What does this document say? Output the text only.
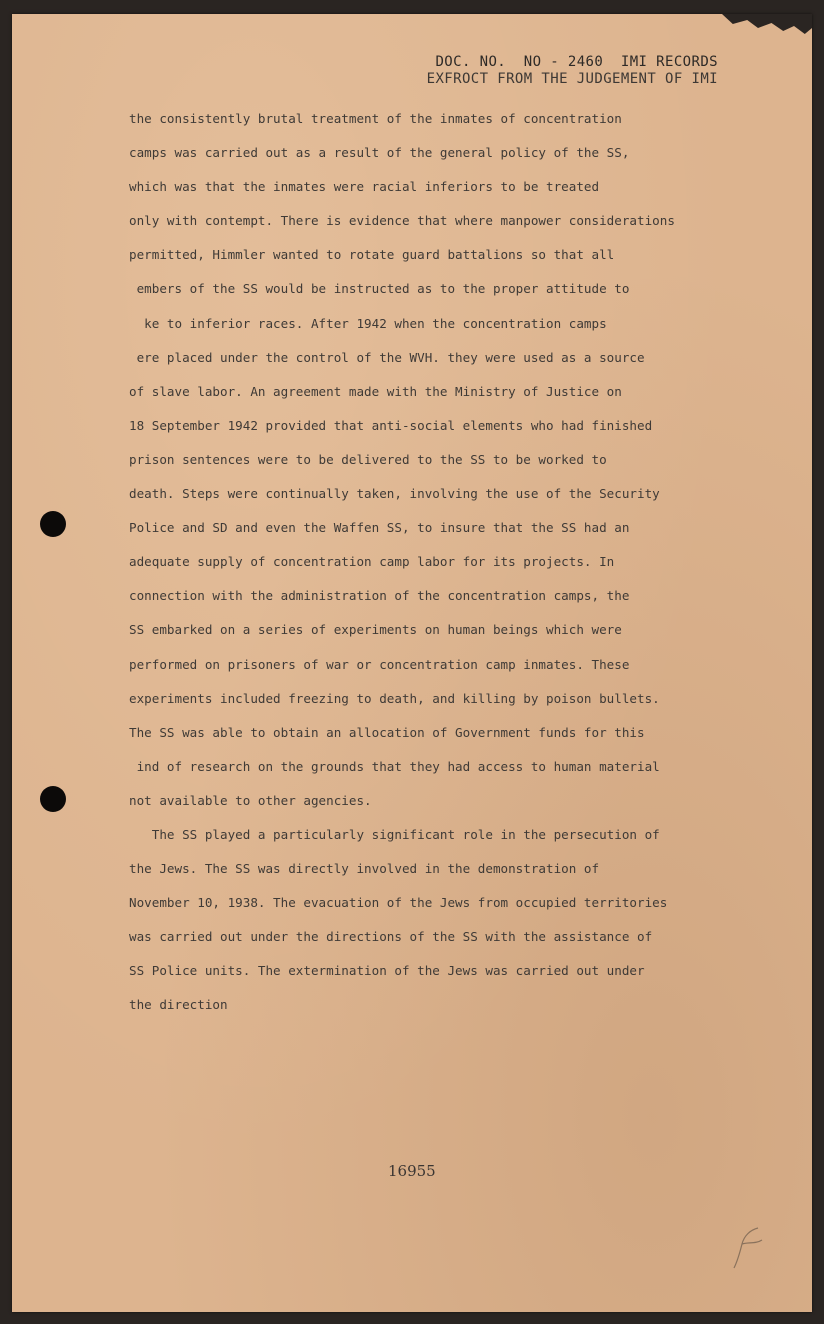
DOC. NO.  NO - 2460  IMI RECORDS
EXFROCT FROM THE JUDGEMENT OF IMI
the consistently brutal treatment of the inmates of concentration
camps was carried out as a result of the general policy of the SS,
which was that the inmates were racial inferiors to be treated
only with contempt. There is evidence that where manpower considerations
permitted, Himmler wanted to rotate guard battalions so that all
embers of the SS would be instructed as to the proper attitude to
ke to inferior races. After 1942 when the concentration camps
ere placed under the control of the WVH. they were used as a source
of slave labor. An agreement made with the Ministry of Justice on
18 September 1942 provided that anti-social elements who had finished
prison sentences were to be delivered to the SS to be worked to
death. Steps were continually taken, involving the use of the Security
Police and SD and even the Waffen SS, to insure that the SS had an
adequate supply of concentration camp labor for its projects. In
connection with the administration of the concentration camps, the
SS embarked on a series of experiments on human beings which were
performed on prisoners of war or concentration camp inmates. These
experiments included freezing to death, and killing by poison bullets.
The SS was able to obtain an allocation of Government funds for this
ind of research on the grounds that they had access to human material
not available to other agencies.
The SS played a particularly significant role in the persecution of
the Jews. The SS was directly involved in the demonstration of
November 10, 1938. The evacuation of the Jews from occupied territories
was carried out under the directions of the SS with the assistance of
SS Police units. The extermination of the Jews was carried out under
the direction
16955
